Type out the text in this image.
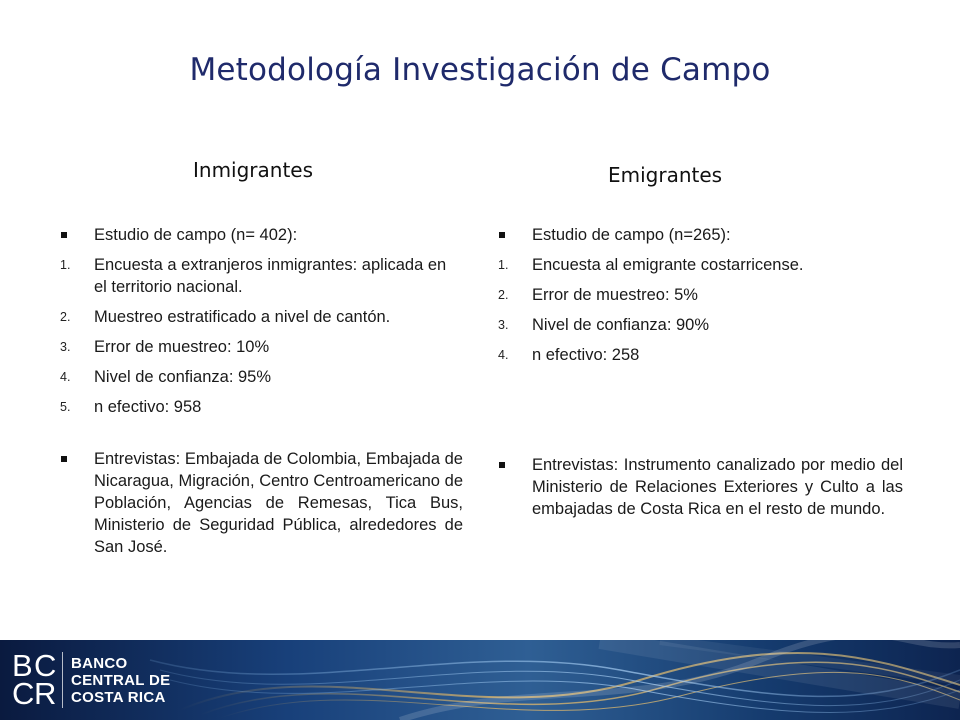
Metodología Investigación de Campo
Inmigrantes	Emigrantes
Estudio de campo (n= 402):
1.	Encuesta a extranjeros inmigrantes: aplicada en el territorio nacional.
2.	Muestreo estratificado a nivel de cantón.
3.	Error de muestreo: 10%
4.	Nivel de confianza: 95%
5.	n efectivo: 958
Entrevistas: Embajada de Colombia, Embajada de Nicaragua, Migración, Centro Centroamericano de Población, Agencias de Remesas, Tica Bus, Ministerio de Seguridad Pública, alrededores de San José.
Estudio de campo (n=265):
1.	Encuesta al emigrante costarricense.
2.	Error de muestreo: 5%
3.	Nivel de confianza: 90%
4.	n efectivo: 258
Entrevistas: Instrumento canalizado por medio del Ministerio de Relaciones Exteriores y Culto a las embajadas de Costa Rica en el resto de mundo.
B C
C R
BANCO
CENTRAL DE
COSTA RICA
